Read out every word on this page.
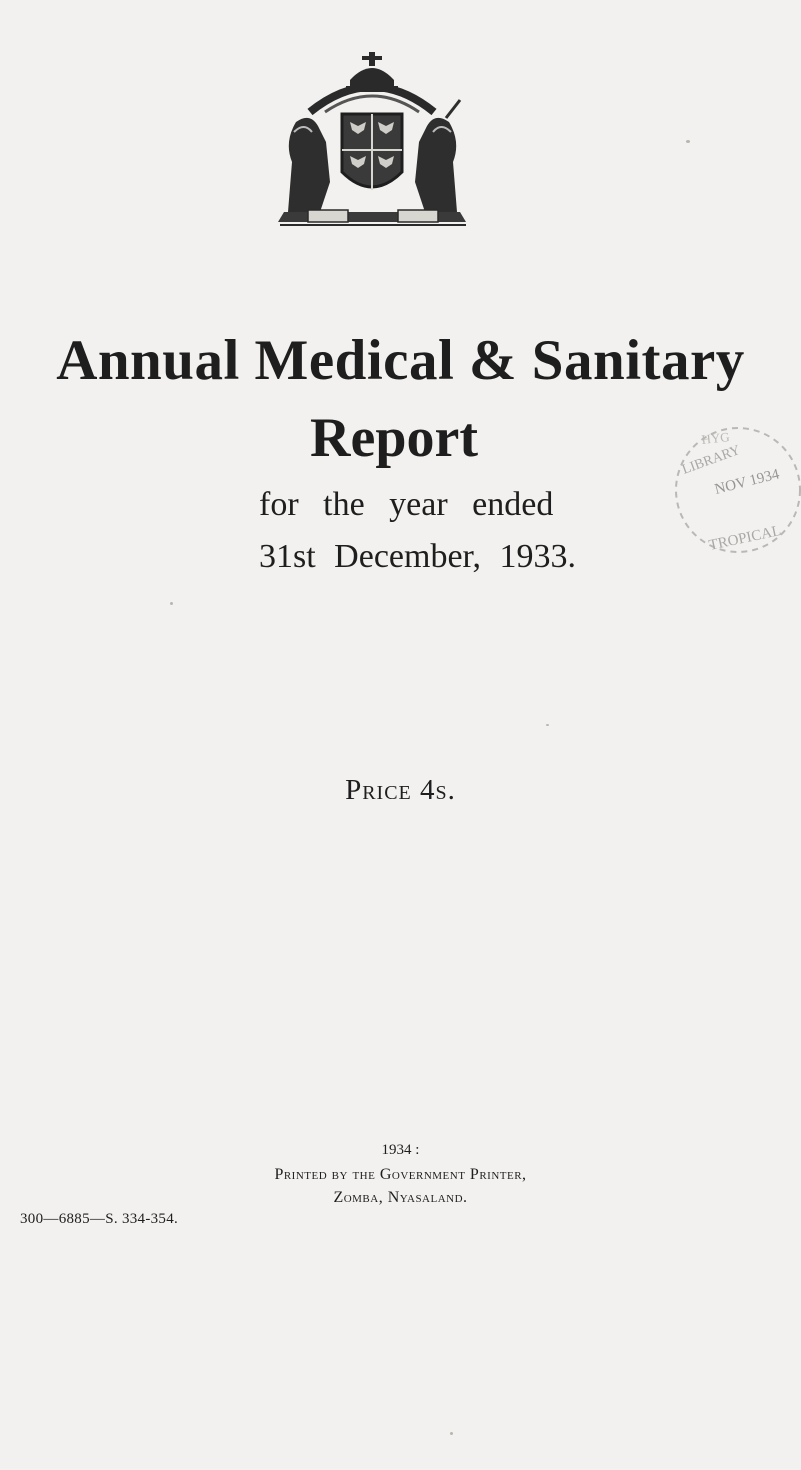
Annual Medical & Sanitary
Report
for the year ended
31st December, 1933.
HYG
LIBRARY
NOV 1934
TROPICAL
Price 4s.
1934 :
Printed by the Government Printer,
Zomba, Nyasaland.
300—6885—S. 334-354.
